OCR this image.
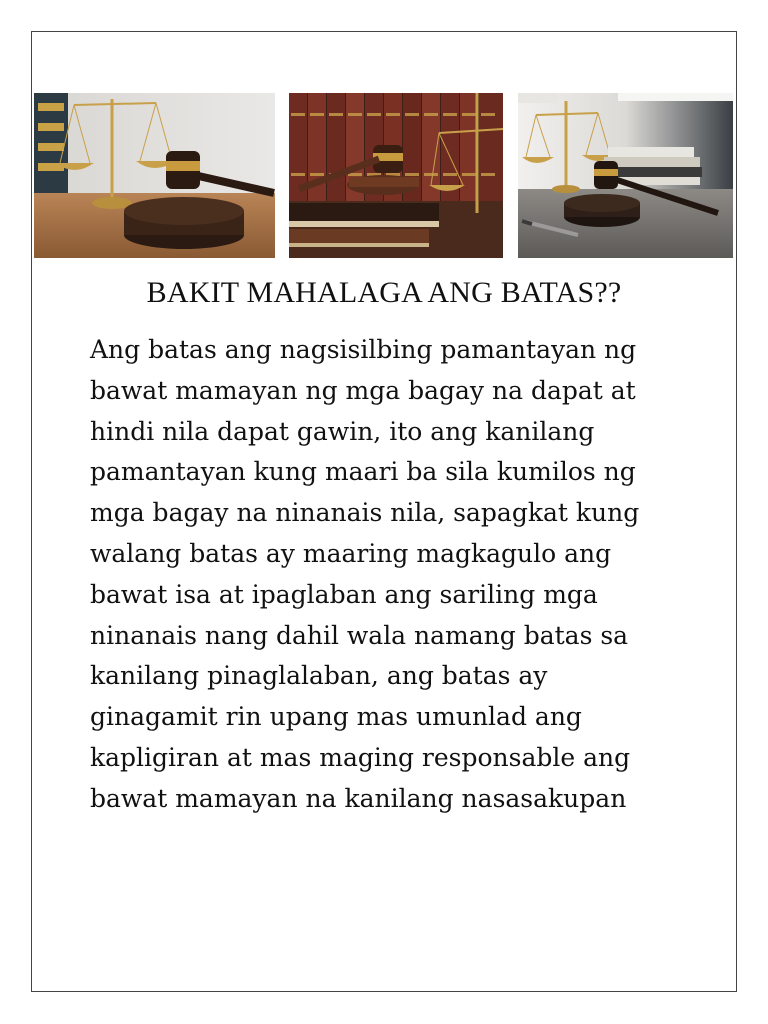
BAKIT MAHALAGA ANG BATAS??
Ang batas ang nagsisilbing pamantayan ng
bawat mamayan ng mga bagay na dapat at
hindi nila dapat gawin, ito ang kanilang
pamantayan kung maari ba sila kumilos ng
mga bagay na ninanais nila, sapagkat kung
walang batas ay maaring magkagulo ang
bawat isa at ipaglaban ang sariling mga
ninanais nang dahil wala namang batas sa
kanilang pinaglalaban, ang batas ay
ginagamit rin upang mas umunlad ang
kapligiran at mas maging responsable ang
bawat mamayan na kanilang nasasakupan
